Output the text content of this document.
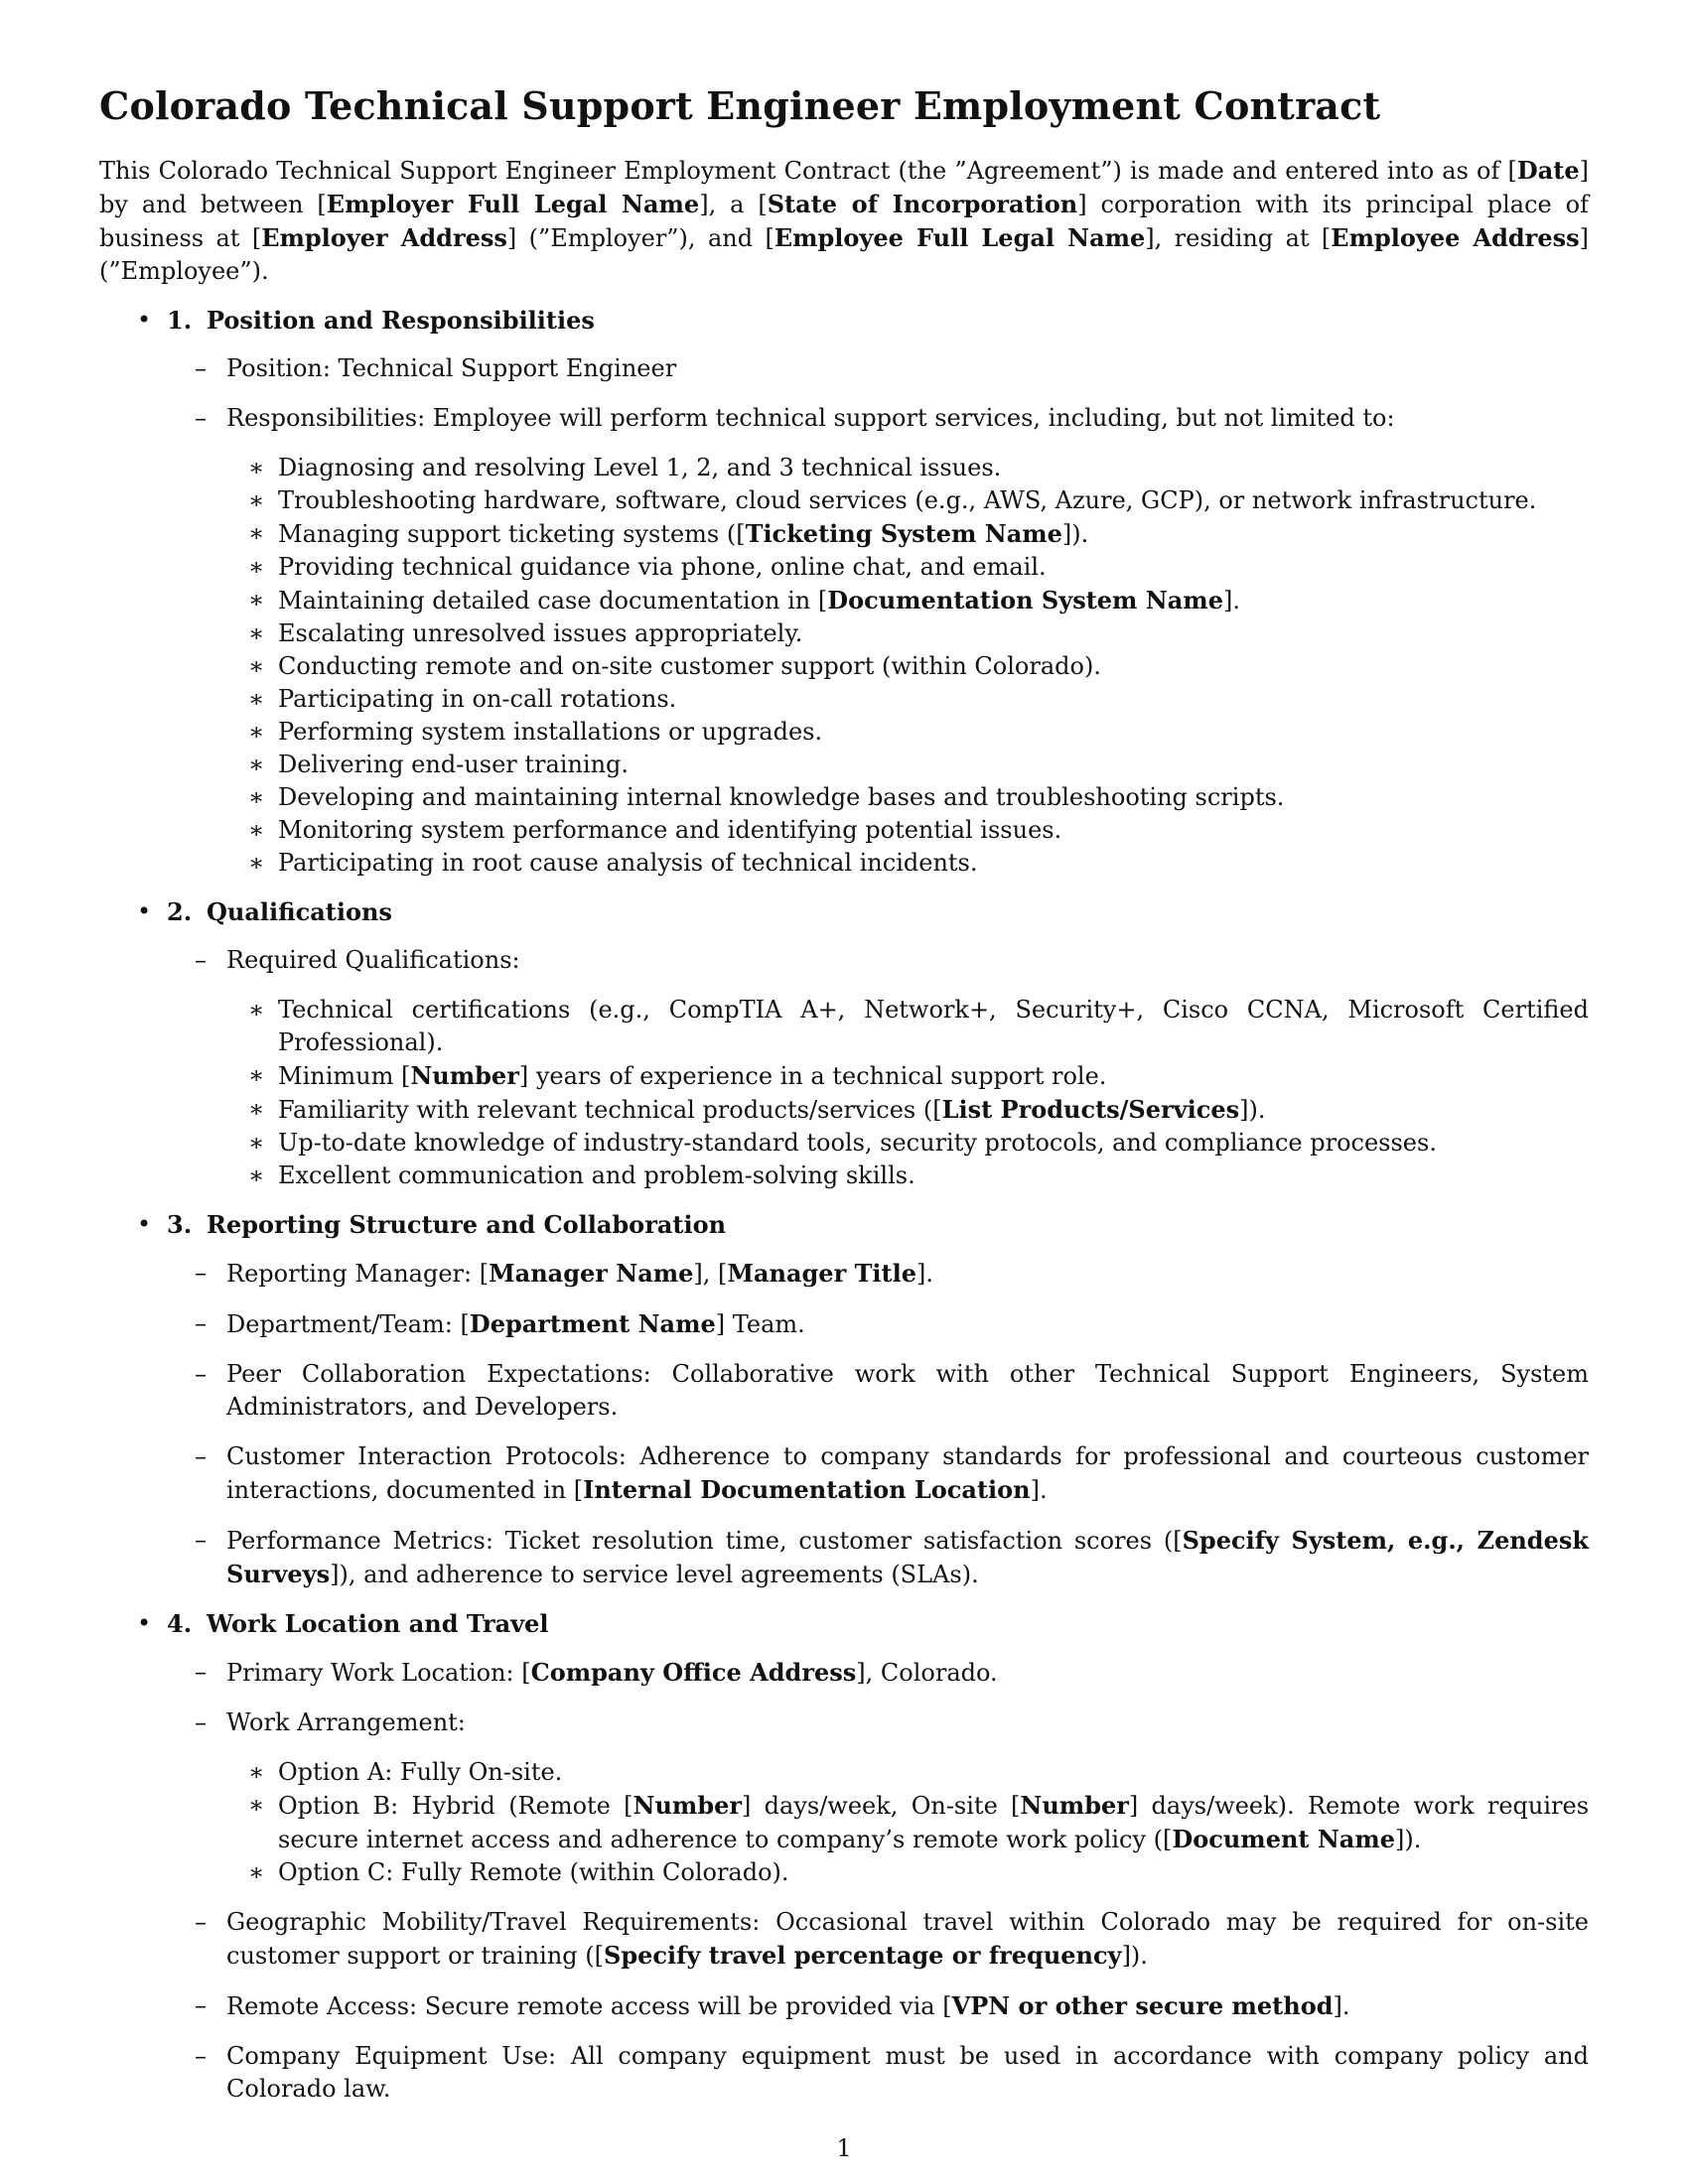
Colorado Technical Support Engineer Employment Contract
This Colorado Technical Support Engineer Employment Contract (the ”Agreement”) is made and entered into as of [Date] by and between [Employer Full Legal Name], a [State of Incorporation] corporation with its principal place of business at [Employer Address] (”Employer”), and [Employee Full Legal Name], residing at [Employee Address] (”Employee”).
• 1. Position and Responsibilities
– Position: Technical Support Engineer
– Responsibilities: Employee will perform technical support services, including, but not limited to:
∗ Diagnosing and resolving Level 1, 2, and 3 technical issues.
∗ Troubleshooting hardware, software, cloud services (e.g., AWS, Azure, GCP), or network infrastructure.
∗ Managing support ticketing systems ([Ticketing System Name]).
∗ Providing technical guidance via phone, online chat, and email.
∗ Maintaining detailed case documentation in [Documentation System Name].
∗ Escalating unresolved issues appropriately.
∗ Conducting remote and on-site customer support (within Colorado).
∗ Participating in on-call rotations.
∗ Performing system installations or upgrades.
∗ Delivering end-user training.
∗ Developing and maintaining internal knowledge bases and troubleshooting scripts.
∗ Monitoring system performance and identifying potential issues.
∗ Participating in root cause analysis of technical incidents.
• 2. Qualifications
– Required Qualifications:
∗ Technical certifications (e.g., CompTIA A+, Network+, Security+, Cisco CCNA, Microsoft Certified Professional).
∗ Minimum [Number] years of experience in a technical support role.
∗ Familiarity with relevant technical products/services ([List Products/Services]).
∗ Up-to-date knowledge of industry-standard tools, security protocols, and compliance processes.
∗ Excellent communication and problem-solving skills.
• 3. Reporting Structure and Collaboration
– Reporting Manager: [Manager Name], [Manager Title].
– Department/Team: [Department Name] Team.
– Peer Collaboration Expectations: Collaborative work with other Technical Support Engineers, System Administrators, and Developers.
– Customer Interaction Protocols: Adherence to company standards for professional and courteous customer interactions, documented in [Internal Documentation Location].
– Performance Metrics: Ticket resolution time, customer satisfaction scores ([Specify System, e.g., Zendesk Surveys]), and adherence to service level agreements (SLAs).
• 4. Work Location and Travel
– Primary Work Location: [Company Office Address], Colorado.
– Work Arrangement:
∗ Option A: Fully On-site.
∗ Option B: Hybrid (Remote [Number] days/week, On-site [Number] days/week). Remote work requires secure internet access and adherence to company’s remote work policy ([Document Name]).
∗ Option C: Fully Remote (within Colorado).
– Geographic Mobility/Travel Requirements: Occasional travel within Colorado may be required for on-site customer support or training ([Specify travel percentage or frequency]).
– Remote Access: Secure remote access will be provided via [VPN or other secure method].
– Company Equipment Use: All company equipment must be used in accordance with company policy and Colorado law.
1
